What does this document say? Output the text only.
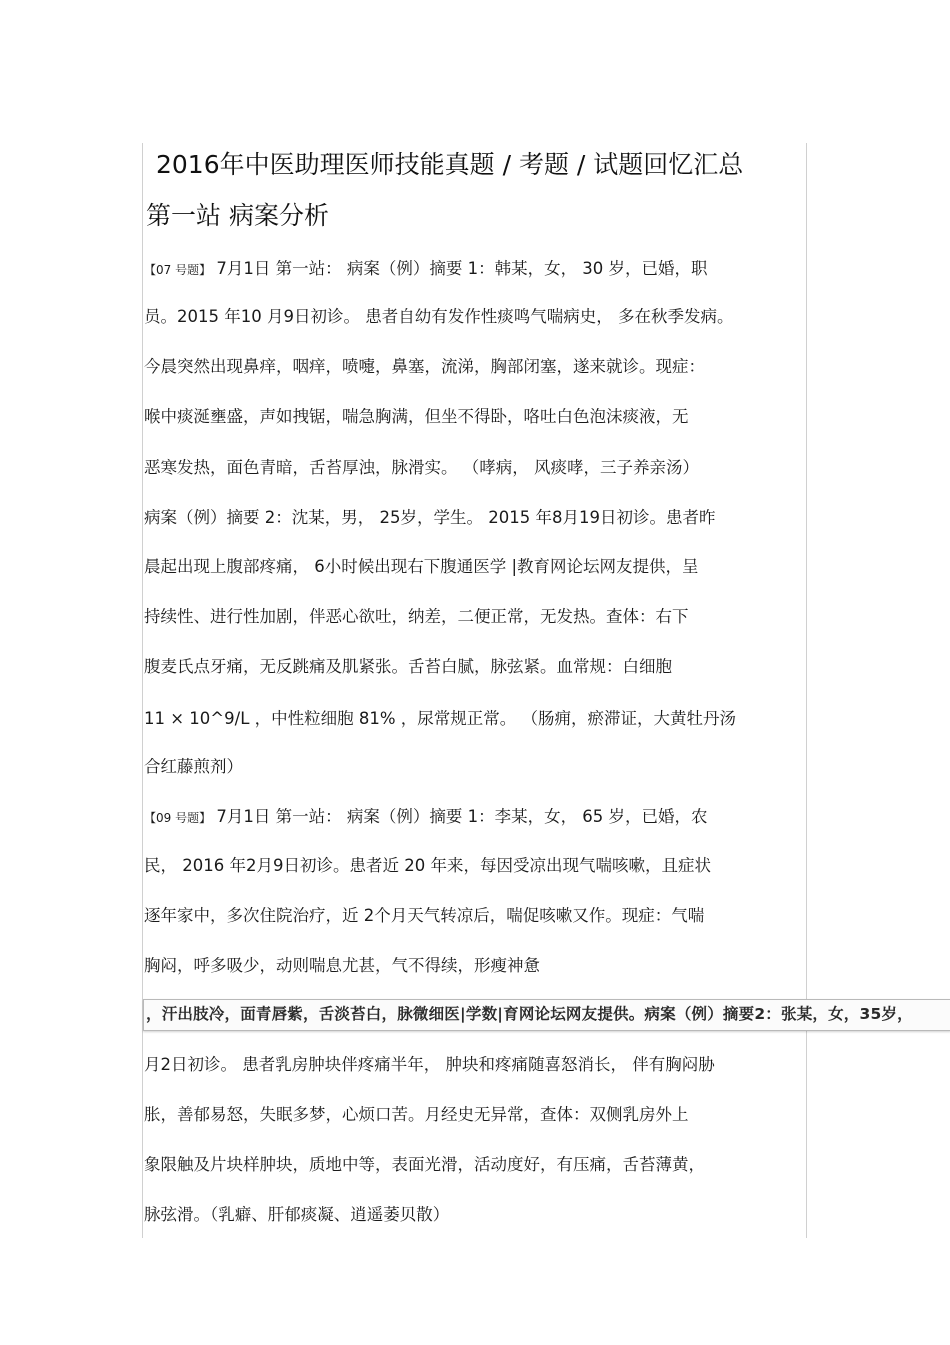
2016年中医助理医师技能真题 / 考题 / 试题回忆汇总
第一站 病案分析
【07 号题】 7月1日 第一站： 病案（例）摘要 1：韩某，女， 30 岁，已婚，职
员。2015 年10 月9日初诊。 患者自幼有发作性痰鸣气喘病史， 多在秋季发病。
今晨突然出现鼻痒，咽痒，喷嚏，鼻塞，流涕，胸部闭塞，遂来就诊。现症：
喉中痰涎壅盛，声如拽锯，喘急胸满，但坐不得卧，咯吐白色泡沫痰液，无
恶寒发热，面色青暗，舌苔厚浊，脉滑实。 （哮病， 风痰哮，三子养亲汤）
病案（例）摘要 2：沈某，男， 25岁，学生。 2015 年8月19日初诊。患者昨
晨起出现上腹部疼痛， 6小时候出现右下腹通医学 |教育网论坛网友提供，呈
持续性、进行性加剧，伴恶心欲吐，纳差，二便正常，无发热。查体：右下
腹麦氏点牙痛，无反跳痛及肌紧张。舌苔白腻，脉弦紧。血常规：白细胞
11 × 10^9/L ，中性粒细胞 81% ，尿常规正常。 （肠痈，瘀滞证，大黄牡丹汤
合红藤煎剂）
【09 号题】 7月1日 第一站： 病案（例）摘要 1：李某，女， 65 岁，已婚，农
民， 2016 年2月9日初诊。患者近 20 年来，每因受凉出现气喘咳嗽，且症状
逐年家中，多次住院治疗，近 2个月天气转凉后，喘促咳嗽又作。现症：气喘
胸闷，呼多吸少，动则喘息尤甚，气不得续，形瘦神惫
，汗出肢冷，面青唇紫，舌淡苔白，脉微细医|学数|育网论坛网友提供。病案（例）摘要2：张某，女，35岁，
月2日初诊。 患者乳房肿块伴疼痛半年， 肿块和疼痛随喜怒消长， 伴有胸闷胁
胀，善郁易怒，失眠多梦，心烦口苦。月经史无异常，查体：双侧乳房外上
象限触及片块样肿块，质地中等，表面光滑，活动度好，有压痛，舌苔薄黄，
脉弦滑。（乳癖、肝郁痰凝、逍遥萎贝散）
